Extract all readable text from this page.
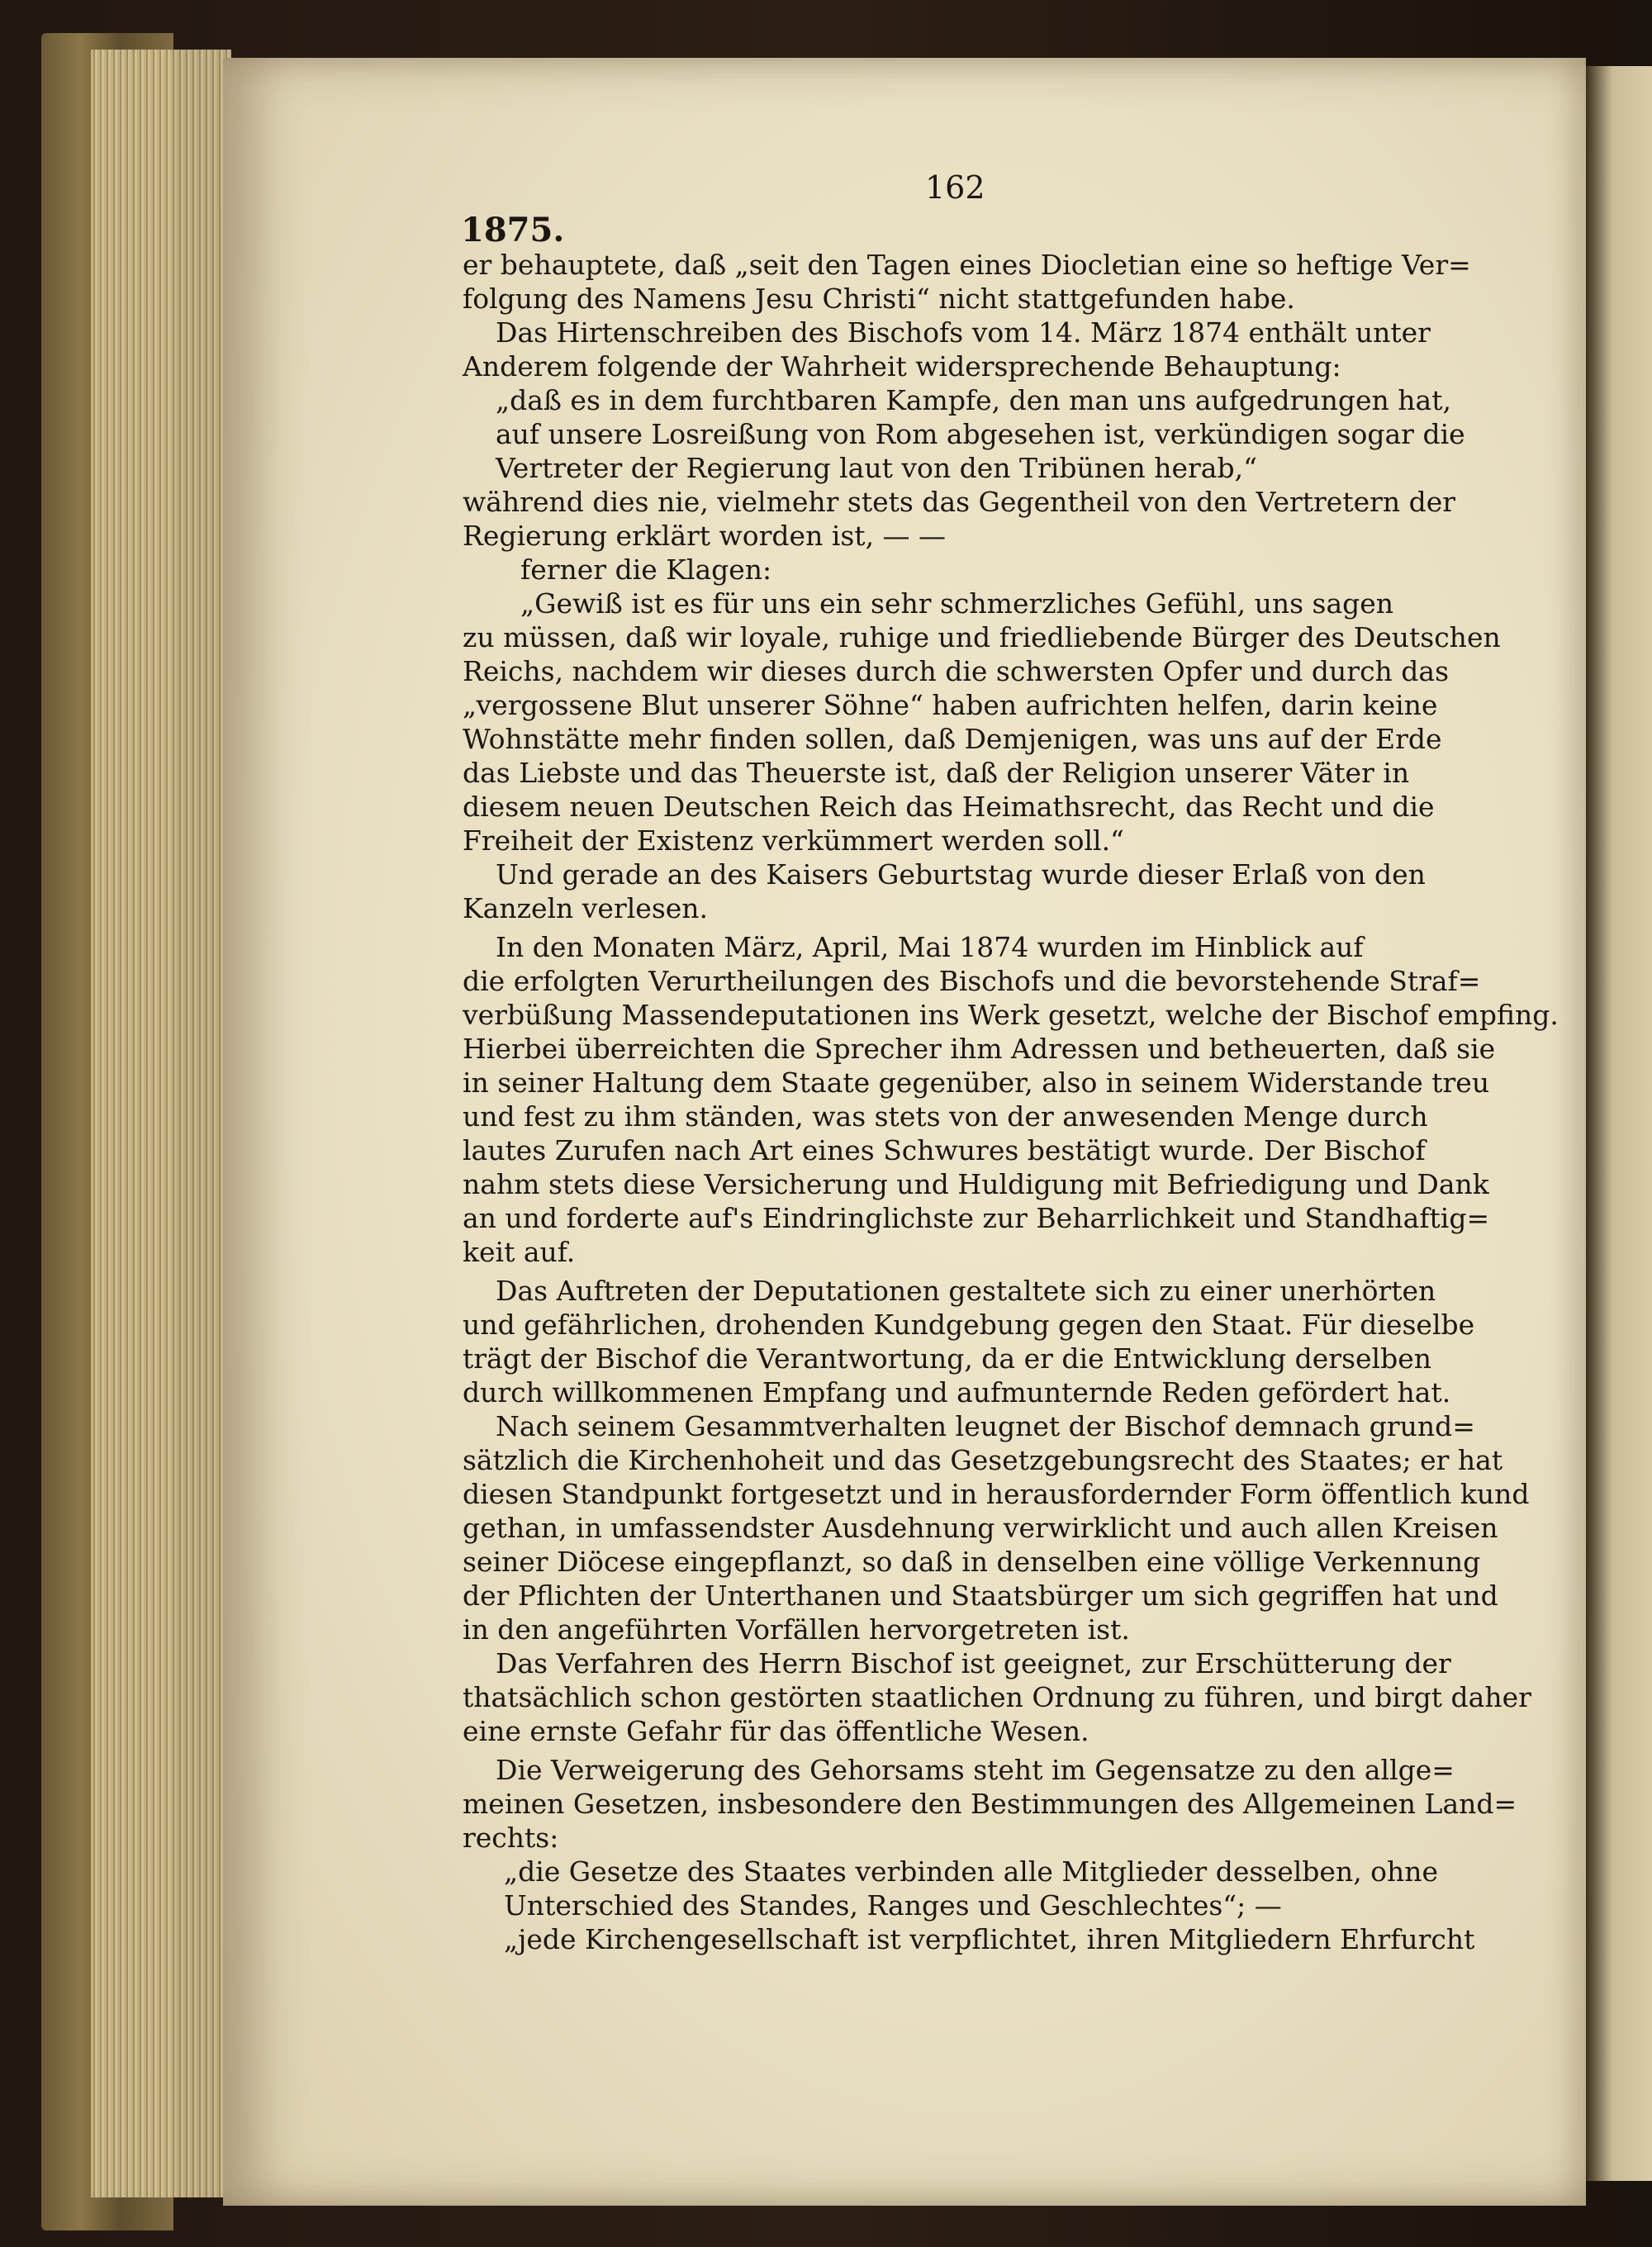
162
1875.
er behauptete, daß „seit den Tagen eines Diocletian eine so heftige Ver=
folgung des Namens Jesu Christi“ nicht stattgefunden habe.
Das Hirtenschreiben des Bischofs vom 14. März 1874 enthält unter
Anderem folgende der Wahrheit widersprechende Behauptung:
„daß es in dem furchtbaren Kampfe, den man uns aufgedrungen hat,
auf unsere Losreißung von Rom abgesehen ist, verkündigen sogar die
Vertreter der Regierung laut von den Tribünen herab,“
während dies nie, vielmehr stets das Gegentheil von den Vertretern der
Regierung erklärt worden ist, — —
ferner die Klagen:
„Gewiß ist es für uns ein sehr schmerzliches Gefühl, uns sagen
zu müssen, daß wir loyale, ruhige und friedliebende Bürger des Deutschen
Reichs, nachdem wir dieses durch die schwersten Opfer und durch das
„vergossene Blut unserer Söhne“ haben aufrichten helfen, darin keine
Wohnstätte mehr finden sollen, daß Demjenigen, was uns auf der Erde
das Liebste und das Theuerste ist, daß der Religion unserer Väter in
diesem neuen Deutschen Reich das Heimathsrecht, das Recht und die
Freiheit der Existenz verkümmert werden soll.“
Und gerade an des Kaisers Geburtstag wurde dieser Erlaß von den
Kanzeln verlesen.
In den Monaten März, April, Mai 1874 wurden im Hinblick auf
die erfolgten Verurtheilungen des Bischofs und die bevorstehende Straf=
verbüßung Massendeputationen ins Werk gesetzt, welche der Bischof empfing.
Hierbei überreichten die Sprecher ihm Adressen und betheuerten, daß sie
in seiner Haltung dem Staate gegenüber, also in seinem Widerstande treu
und fest zu ihm ständen, was stets von der anwesenden Menge durch
lautes Zurufen nach Art eines Schwures bestätigt wurde. Der Bischof
nahm stets diese Versicherung und Huldigung mit Befriedigung und Dank
an und forderte auf's Eindringlichste zur Beharrlichkeit und Standhaftig=
keit auf.
Das Auftreten der Deputationen gestaltete sich zu einer unerhörten
und gefährlichen, drohenden Kundgebung gegen den Staat. Für dieselbe
trägt der Bischof die Verantwortung, da er die Entwicklung derselben
durch willkommenen Empfang und aufmunternde Reden gefördert hat.
Nach seinem Gesammtverhalten leugnet der Bischof demnach grund=
sätzlich die Kirchenhoheit und das Gesetzgebungsrecht des Staates; er hat
diesen Standpunkt fortgesetzt und in herausfordernder Form öffentlich kund
gethan, in umfassendster Ausdehnung verwirklicht und auch allen Kreisen
seiner Diöcese eingepflanzt, so daß in denselben eine völlige Verkennung
der Pflichten der Unterthanen und Staatsbürger um sich gegriffen hat und
in den angeführten Vorfällen hervorgetreten ist.
Das Verfahren des Herrn Bischof ist geeignet, zur Erschütterung der
thatsächlich schon gestörten staatlichen Ordnung zu führen, und birgt daher
eine ernste Gefahr für das öffentliche Wesen.
Die Verweigerung des Gehorsams steht im Gegensatze zu den allge=
meinen Gesetzen, insbesondere den Bestimmungen des Allgemeinen Land=
rechts:
„die Gesetze des Staates verbinden alle Mitglieder desselben, ohne
Unterschied des Standes, Ranges und Geschlechtes“; —
„jede Kirchengesellschaft ist verpflichtet, ihren Mitgliedern Ehrfurcht
